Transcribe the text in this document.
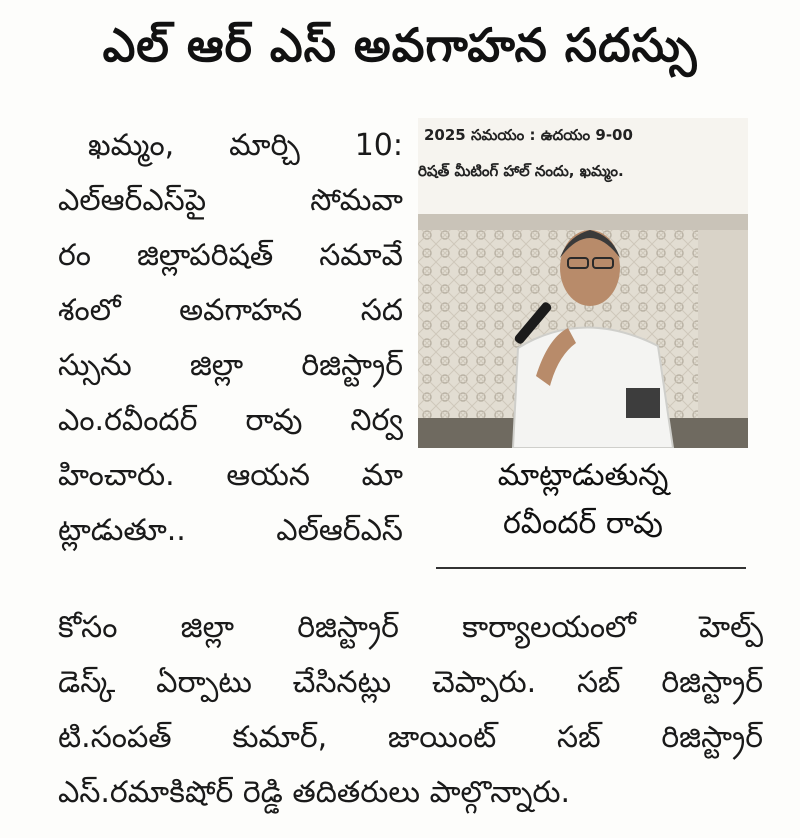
ఎల్ ఆర్ ఎస్ అవగాహన సదస్సు
ఖమ్మం, మార్చి 10:
ఎల్ఆర్ఎస్‌పై సోమవా
రం జిల్లాపరిషత్ సమావే
శంలో అవగాహన సద
స్సును జిల్లా రిజిస్ట్రార్
ఎం.రవీందర్ రావు నిర్వ
హించారు. ఆయన మా
ట్లాడుతూ.. ఎల్ఆర్ఎస్
2025 సమయం : ఉదయం 9-00
రిషత్ మీటింగ్ హాల్ నందు, ఖమ్మం.
మాట్లాడుతున్న
రవీందర్ రావు
కోసం జిల్లా రిజిస్ట్రార్ కార్యాలయంలో హెల్ప్
డెస్క్ ఏర్పాటు చేసినట్లు చెప్పారు. సబ్ రిజిస్ట్రార్
టి.సంపత్ కుమార్, జాయింట్ సబ్ రిజిస్ట్రార్
ఎస్.రమాకిషోర్ రెడ్డి తదితరులు పాల్గొన్నారు.
